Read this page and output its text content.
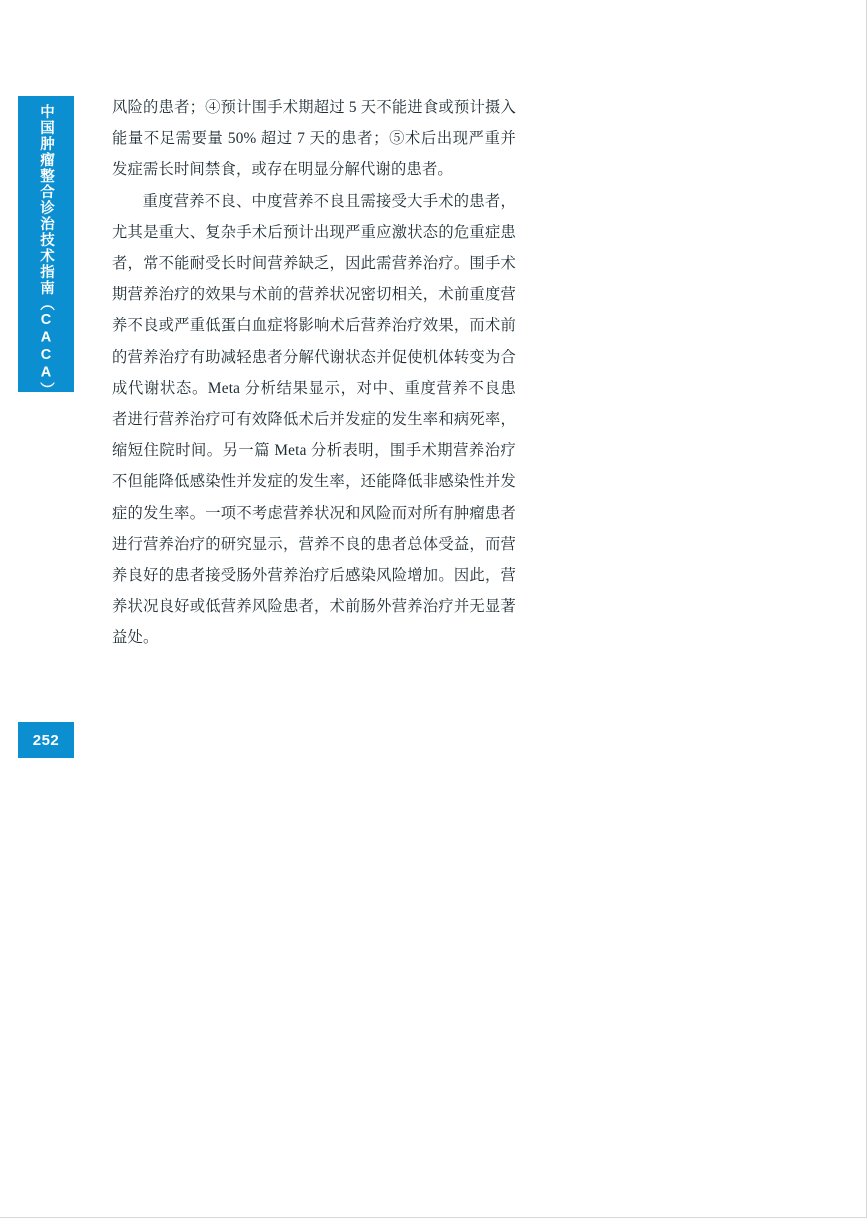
中国肿瘤整合诊治技术指南（CACA）
252

风险的患者；④预计围手术期超过 5 天不能进食或预计摄入能量不足需要量 50% 超过 7 天的患者；⑤术后出现严重并发症需长时间禁食，或存在明显分解代谢的患者。

重度营养不良、中度营养不良且需接受大手术的患者，尤其是重大、复杂手术后预计出现严重应激状态的危重症患者，常不能耐受长时间营养缺乏，因此需营养治疗。围手术期营养治疗的效果与术前的营养状况密切相关，术前重度营养不良或严重低蛋白血症将影响术后营养治疗效果，而术前的营养治疗有助减轻患者分解代谢状态并促使机体转变为合成代谢状态。Meta 分析结果显示，对中、重度营养不良患者进行营养治疗可有效降低术后并发症的发生率和病死率，缩短住院时间。另一篇 Meta 分析表明，围手术期营养治疗不但能降低感染性并发症的发生率，还能降低非感染性并发症的发生率。一项不考虑营养状况和风险而对所有肿瘤患者进行营养治疗的研究显示，营养不良的患者总体受益，而营养良好的患者接受肠外营养治疗后感染风险增加。因此，营养状况良好或低营养风险患者，术前肠外营养治疗并无显著益处。
